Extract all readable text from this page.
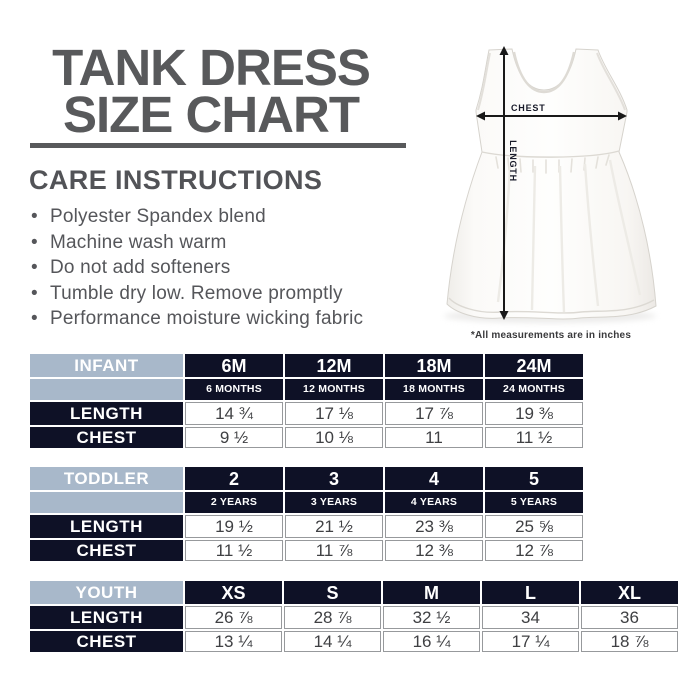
TANK DRESS
SIZE CHART
CARE INSTRUCTIONS
• Polyester Spandex blend
• Machine wash warm
• Do not add softeners
• Tumble dry low. Remove promptly
• Performance moisture wicking fabric
CHEST
LENGTH
*All measurements are in inches
INFANT	6M	12M	18M	24M
	6 MONTHS	12 MONTHS	18 MONTHS	24 MONTHS
LENGTH	14 ¾	17 ⅛	17 ⅞	19 ⅜
CHEST	9 ½	10 ⅛	11	11 ½
TODDLER	2	3	4	5
	2 YEARS	3 YEARS	4 YEARS	5 YEARS
LENGTH	19 ½	21 ½	23 ⅜	25 ⅝
CHEST	11 ½	11 ⅞	12 ⅜	12 ⅞
YOUTH	XS	S	M	L	XL
LENGTH	26 ⅞	28 ⅞	32 ½	34	36
CHEST	13 ¼	14 ¼	16 ¼	17 ¼	18 ⅞
